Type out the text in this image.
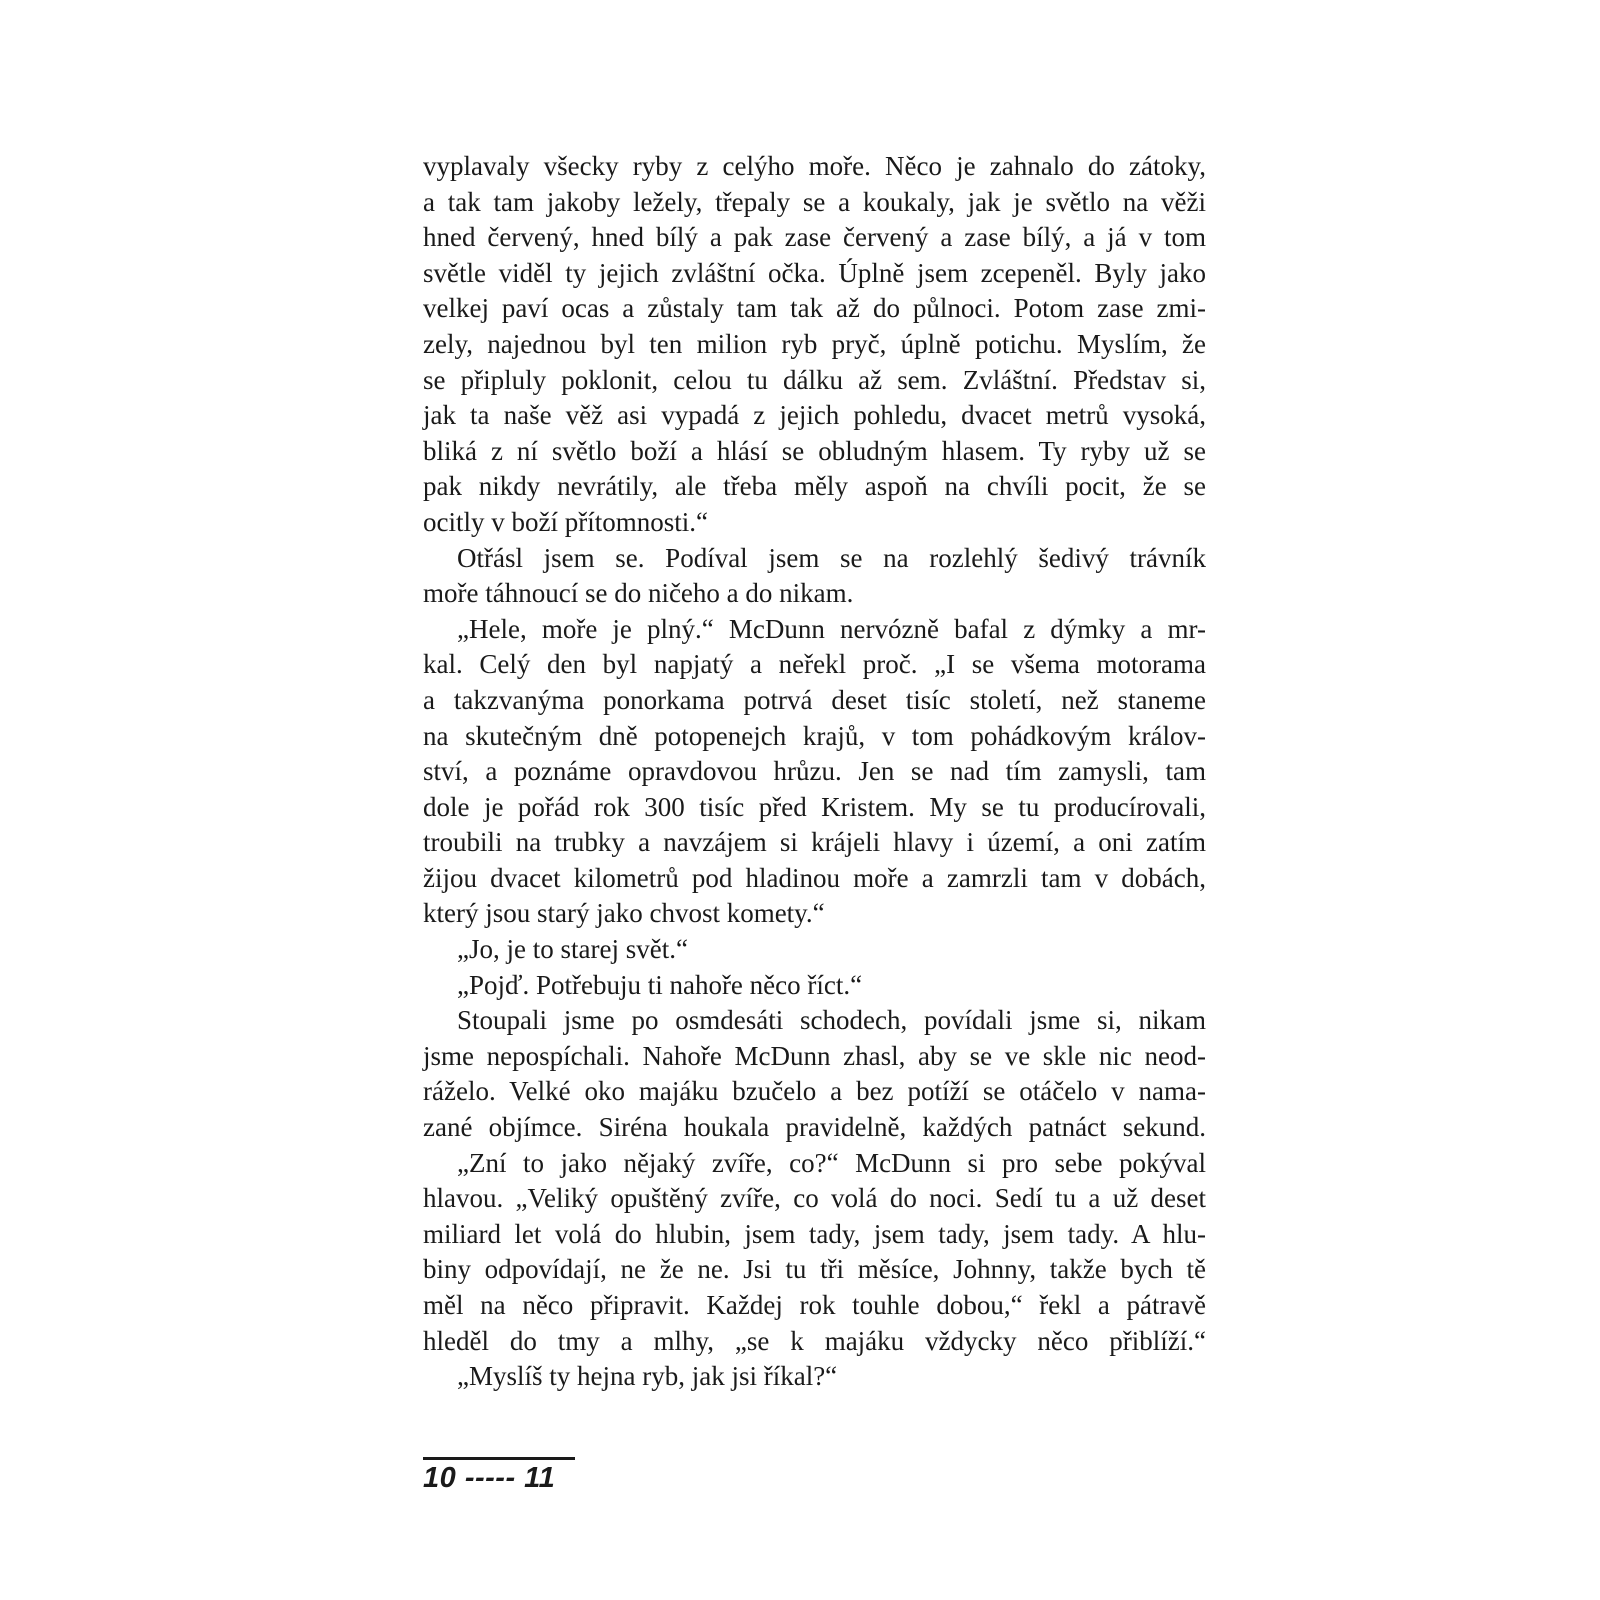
vyplavaly všecky ryby z celýho moře. Něco je zahnalo do zátoky,
a tak tam jakoby ležely, třepaly se a koukaly, jak je světlo na věži
hned červený, hned bílý a pak zase červený a zase bílý, a já v tom
světle viděl ty jejich zvláštní očka. Úplně jsem zcepeněl. Byly jako
velkej paví ocas a zůstaly tam tak až do půlnoci. Potom zase zmi-
zely, najednou byl ten milion ryb pryč, úplně potichu. Myslím, že
se připluly poklonit, celou tu dálku až sem. Zvláštní. Představ si,
jak ta naše věž asi vypadá z jejich pohledu, dvacet metrů vysoká,
bliká z ní světlo boží a hlásí se obludným hlasem. Ty ryby už se
pak nikdy nevrátily, ale třeba měly aspoň na chvíli pocit, že se
ocitly v boží přítomnosti.“
Otřásl jsem se. Podíval jsem se na rozlehlý šedivý trávník
moře táhnoucí se do ničeho a do nikam.
„Hele, moře je plný.“ McDunn nervózně bafal z dýmky a mr-
kal. Celý den byl napjatý a neřekl proč. „I se všema motorama
a takzvanýma ponorkama potrvá deset tisíc století, než staneme
na skutečným dně potopenejch krajů, v tom pohádkovým králov-
ství, a poznáme opravdovou hrůzu. Jen se nad tím zamysli, tam
dole je pořád rok 300 tisíc před Kristem. My se tu producírovali,
troubili na trubky a navzájem si krájeli hlavy i území, a oni zatím
žijou dvacet kilometrů pod hladinou moře a zamrzli tam v dobách,
který jsou starý jako chvost komety.“
„Jo, je to starej svět.“
„Pojď. Potřebuju ti nahoře něco říct.“
Stoupali jsme po osmdesáti schodech, povídali jsme si, nikam
jsme nepospíchali. Nahoře McDunn zhasl, aby se ve skle nic neod-
ráželo. Velké oko majáku bzučelo a bez potíží se otáčelo v nama-
zané objímce. Siréna houkala pravidelně, každých patnáct sekund.
„Zní to jako nějaký zvíře, co?“ McDunn si pro sebe pokýval
hlavou. „Veliký opuštěný zvíře, co volá do noci. Sedí tu a už deset
miliard let volá do hlubin, jsem tady, jsem tady, jsem tady. A hlu-
biny odpovídají, ne že ne. Jsi tu tři měsíce, Johnny, takže bych tě
měl na něco připravit. Každej rok touhle dobou,“ řekl a pátravě
hleděl do tmy a mlhy, „se k majáku vždycky něco přiblíží.“
„Myslíš ty hejna ryb, jak jsi říkal?“
10 ----- 11
